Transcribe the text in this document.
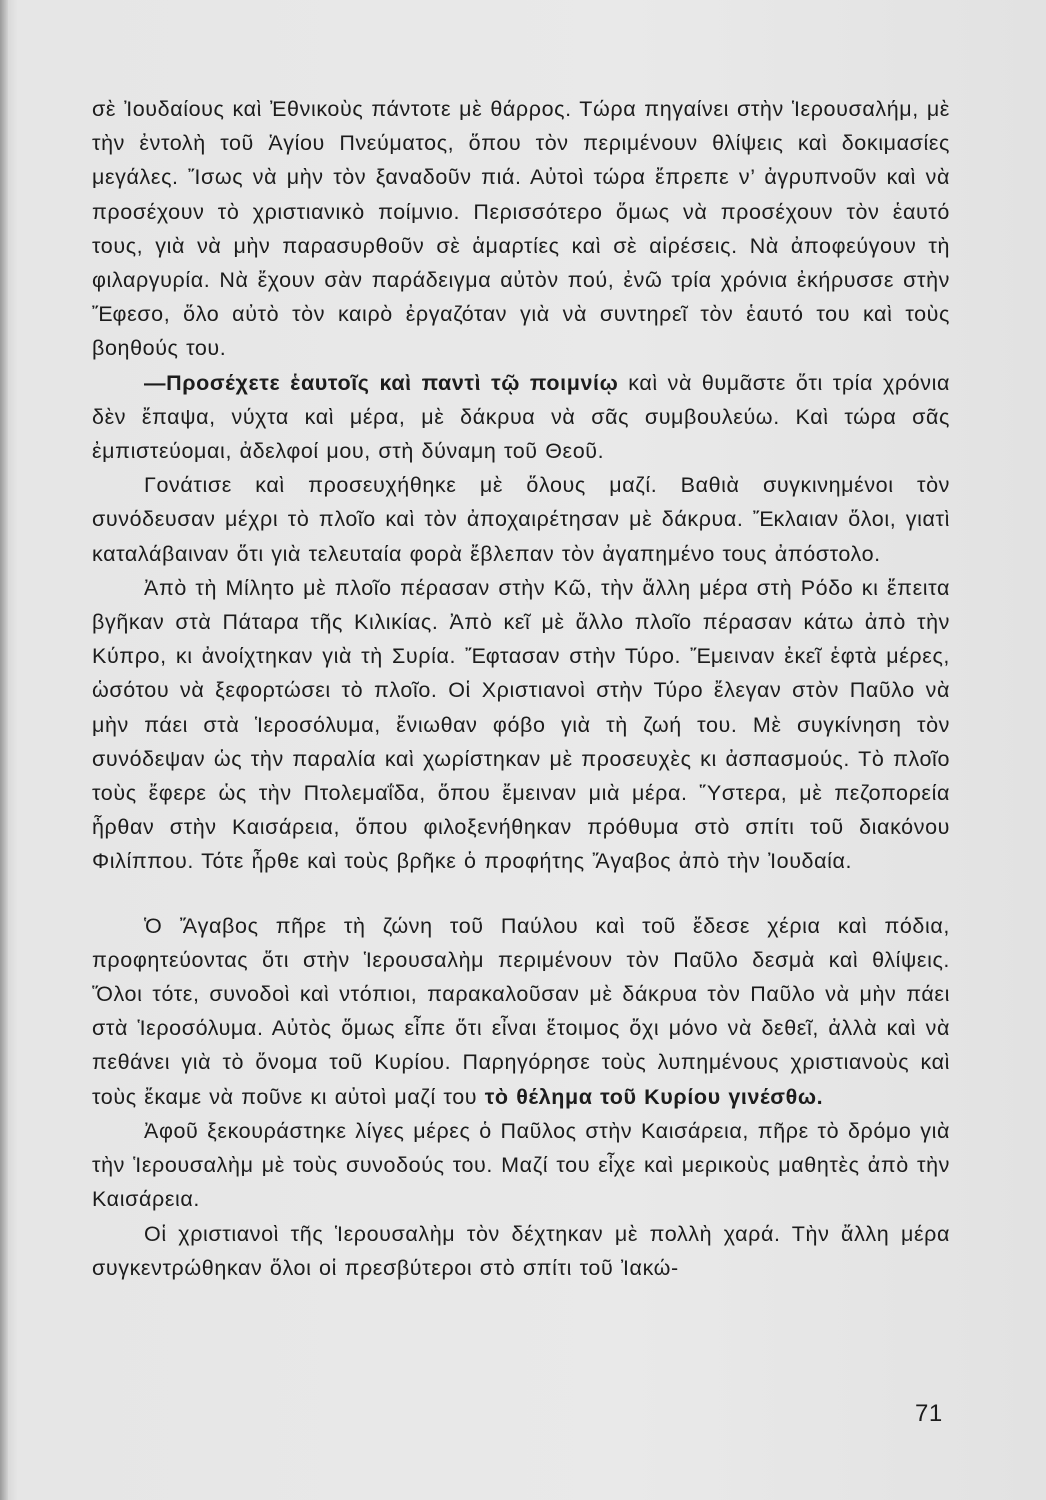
σὲ Ἰουδαίους καὶ Ἐθνικοὺς πάντοτε μὲ θάρρος. Τώρα πηγαίνει στὴν Ἱερουσαλήμ, μὲ τὴν ἐντολὴ τοῦ Ἁγίου Πνεύματος, ὅπου τὸν περιμένουν θλίψεις καὶ δοκιμασίες μεγάλες. Ἴσως νὰ μὴν τὸν ξαναδοῦν πιά. Αὐτοὶ τώρα ἔπρεπε ν’ ἀγρυπνοῦν καὶ νὰ προσέχουν τὸ χριστιανικὸ ποίμνιο. Περισσότερο ὅμως νὰ προσέχουν τὸν ἑαυτό τους, γιὰ νὰ μὴν παρασυρθοῦν σὲ ἁμαρτίες καὶ σὲ αἱρέσεις. Νὰ ἀποφεύγουν τὴ φιλαργυρία. Νὰ ἔχουν σὰν παράδειγμα αὐτὸν πού, ἐνῶ τρία χρόνια ἐκήρυσσε στὴν Ἔφεσο, ὅλο αὐτὸ τὸν καιρὸ ἐργαζόταν γιὰ νὰ συντηρεῖ τὸν ἑαυτό του καὶ τοὺς βοηθούς του.

—Προσέχετε ἑαυτοῖς καὶ παντὶ τῷ ποιμνίῳ καὶ νὰ θυμᾶστε ὅτι τρία χρόνια δὲν ἔπαψα, νύχτα καὶ μέρα, μὲ δάκρυα νὰ σᾶς συμβουλεύω. Καὶ τώρα σᾶς ἐμπιστεύομαι, ἀδελφοί μου, στὴ δύναμη τοῦ Θεοῦ.

Γονάτισε καὶ προσευχήθηκε μὲ ὅλους μαζί. Βαθιὰ συγκινημένοι τὸν συνόδευσαν μέχρι τὸ πλοῖο καὶ τὸν ἀποχαιρέτησαν μὲ δάκρυα. Ἔκλαιαν ὅλοι, γιατὶ καταλάβαιναν ὅτι γιὰ τελευταία φορὰ ἔβλεπαν τὸν ἀγαπημένο τους ἀπόστολο.

Ἀπὸ τὴ Μίλητο μὲ πλοῖο πέρασαν στὴν Κῶ, τὴν ἄλλη μέρα στὴ Ρόδο κι ἔπειτα βγῆκαν στὰ Πάταρα τῆς Κιλικίας. Ἀπὸ κεῖ μὲ ἄλλο πλοῖο πέρασαν κάτω ἀπὸ τὴν Κύπρο, κι ἀνοίχτηκαν γιὰ τὴ Συρία. Ἔφτασαν στὴν Τύρο. Ἔμειναν ἐκεῖ ἑφτὰ μέρες, ὡσότου νὰ ξεφορτώσει τὸ πλοῖο. Οἱ Χριστιανοὶ στὴν Τύρο ἔλεγαν στὸν Παῦλο νὰ μὴν πάει στὰ Ἱεροσόλυμα, ἔνιωθαν φόβο γιὰ τὴ ζωή του. Μὲ συγκίνηση τὸν συνόδεψαν ὡς τὴν παραλία καὶ χωρίστηκαν μὲ προσευχὲς κι ἀσπασμούς. Τὸ πλοῖο τοὺς ἔφερε ὡς τὴν Πτολεμαΐδα, ὅπου ἔμειναν μιὰ μέρα. Ὕστερα, μὲ πεζοπορεία ἦρθαν στὴν Καισάρεια, ὅπου φιλοξενήθηκαν πρόθυμα στὸ σπίτι τοῦ διακόνου Φιλίππου. Τότε ἦρθε καὶ τοὺς βρῆκε ὁ προφήτης Ἄγαβος ἀπὸ τὴν Ἰουδαία.

Ὁ Ἄγαβος πῆρε τὴ ζώνη τοῦ Παύλου καὶ τοῦ ἔδεσε χέρια καὶ πόδια, προφητεύοντας ὅτι στὴν Ἱερουσαλὴμ περιμένουν τὸν Παῦλο δεσμὰ καὶ θλίψεις. Ὅλοι τότε, συνοδοὶ καὶ ντόπιοι, παρακαλοῦσαν μὲ δάκρυα τὸν Παῦλο νὰ μὴν πάει στὰ Ἱεροσόλυμα. Αὐτὸς ὅμως εἶπε ὅτι εἶναι ἕτοιμος ὄχι μόνο νὰ δεθεῖ, ἀλλὰ καὶ νὰ πεθάνει γιὰ τὸ ὄνομα τοῦ Κυρίου. Παρηγόρησε τοὺς λυπημένους χριστιανοὺς καὶ τοὺς ἔκαμε νὰ ποῦνε κι αὐτοὶ μαζί του τὸ θέλημα τοῦ Κυρίου γινέσθω.

Ἀφοῦ ξεκουράστηκε λίγες μέρες ὁ Παῦλος στὴν Καισάρεια, πῆρε τὸ δρόμο γιὰ τὴν Ἱερουσαλὴμ μὲ τοὺς συνοδούς του. Μαζί του εἶχε καὶ μερικοὺς μαθητὲς ἀπὸ τὴν Καισάρεια.

Οἱ χριστιανοὶ τῆς Ἱερουσαλὴμ τὸν δέχτηκαν μὲ πολλὴ χαρά. Τὴν ἄλλη μέρα συγκεντρώθηκαν ὅλοι οἱ πρεσβύτεροι στὸ σπίτι τοῦ Ἰακώ-

71
